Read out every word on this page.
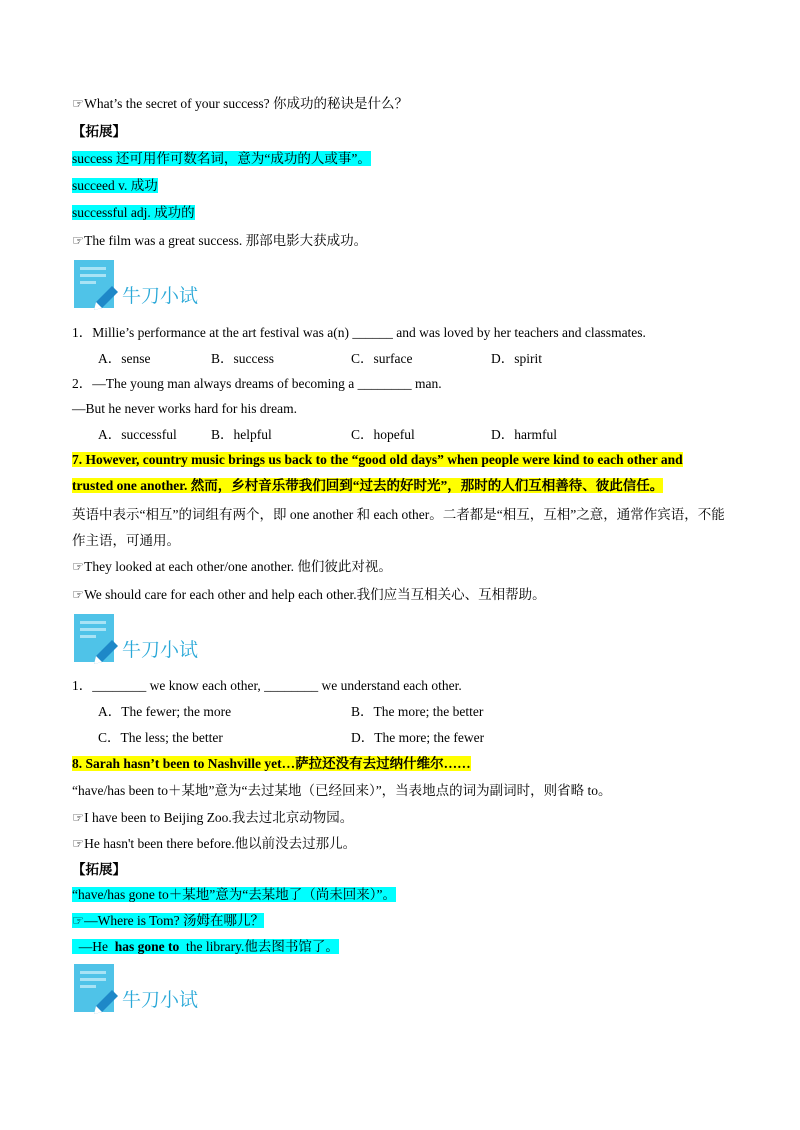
☞What’s the secret of your success? 你成功的秘诀是什么？
【拓展】
success 还可用作可数名词，意为“成功的人或事”。
succeed v. 成功
successful adj. 成功的
☞The film was a great success. 那部电影大获成功。
牛刀小试
1．Millie’s performance at the art festival was a(n) ______ and was loved by her teachers and classmates.
A．sense	B．success	C．surface	D．spirit
2．—The young man always dreams of becoming a ________ man.
—But he never works hard for his dream.
A．successful	B．helpful	C．hopeful	D．harmful
7. However, country music brings us back to the “good old days” when people were kind to each other and
trusted one another. 然而，乡村音乐带我们回到“过去的好时光”，那时的人们互相善待、彼此信任。
英语中表示“相互”的词组有两个，即 one another 和 each other。二者都是“相互，互相”之意，通常作宾语，不能作主语，可通用。
☞They looked at each other/one another. 他们彼此对视。
☞We should care for each other and help each other.我们应当互相关心、互相帮助。
牛刀小试
1．________ we know each other, ________ we understand each other.
A．The fewer; the more	B．The more; the better
C．The less; the better	D．The more; the fewer
8. Sarah hasn’t been to Nashville yet…萨拉还没有去过纳什维尔……
“have/has been to＋某地”意为“去过某地（已经回来）”，当表地点的词为副词时，则省略 to。
☞I have been to Beijing Zoo.我去过北京动物园。
☞He hasn't been there before.他以前没去过那儿。
【拓展】
“have/has gone to＋某地”意为“去某地了（尚未回来）”。
☞—Where is Tom? 汤姆在哪儿？
—He  has gone to  the library.他去图书馆了。
牛刀小试
